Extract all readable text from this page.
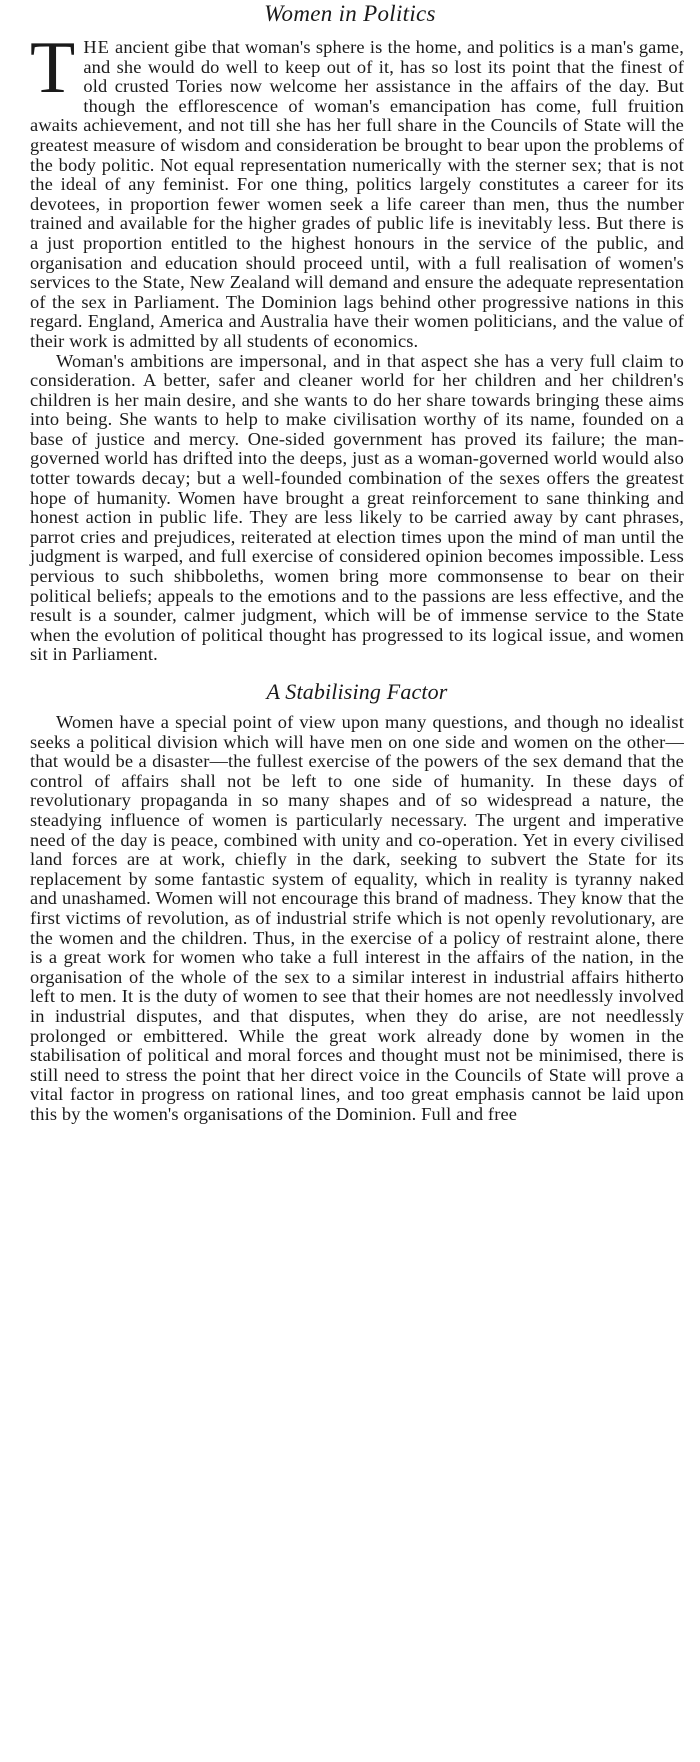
Women in Politics

THE ancient gibe that woman's sphere is the home, and politics is a man's game, and she would do well to keep out of it, has so lost its point that the finest of old crusted Tories now welcome her assistance in the affairs of the day. But though the efflorescence of woman's emancipation has come, full fruition awaits achievement, and not till she has her full share in the Councils of State will the greatest measure of wisdom and consideration be brought to bear upon the problems of the body politic. Not equal representation numerically with the sterner sex; that is not the ideal of any feminist. For one thing, politics largely constitutes a career for its devotees, in proportion fewer women seek a life career than men, thus the number trained and available for the higher grades of public life is inevitably less. But there is a just proportion entitled to the highest honours in the service of the public, and organisation and education should proceed until, with a full realisation of women's services to the State, New Zealand will demand and ensure the adequate representation of the sex in Parliament. The Dominion lags behind other progressive nations in this regard. England, America and Australia have their women politicians, and the value of their work is admitted by all students of economics.

Woman's ambitions are impersonal, and in that aspect she has a very full claim to consideration. A better, safer and cleaner world for her children and her children's children is her main desire, and she wants to do her share towards bringing these aims into being. She wants to help to make civilisation worthy of its name, founded on a base of justice and mercy. One-sided government has proved its failure; the man-governed world has drifted into the deeps, just as a woman-governed world would also totter towards decay; but a well-founded combination of the sexes offers the greatest hope of humanity. Women have brought a great reinforcement to sane thinking and honest action in public life. They are less likely to be carried away by cant phrases, parrot cries and prejudices, reiterated at election times upon the mind of man until the judgment is warped, and full exercise of considered opinion becomes impossible. Less pervious to such shibboleths, women bring more commonsense to bear on their political beliefs; appeals to the emotions and to the passions are less effective, and the result is a sounder, calmer judgment, which will be of immense service to the State when the evolution of political thought has progressed to its logical issue, and women sit in Parliament.

A Stabilising Factor

Women have a special point of view upon many questions, and though no idealist seeks a political division which will have men on one side and women on the other—that would be a disaster—the fullest exercise of the powers of the sex demand that the control of affairs shall not be left to one side of humanity. In these days of revolutionary propaganda in so many shapes and of so widespread a nature, the steadying influence of women is particularly necessary. The urgent and imperative need of the day is peace, combined with unity and co-operation. Yet in every civilised land forces are at work, chiefly in the dark, seeking to subvert the State for its replacement by some fantastic system of equality, which in reality is tyranny naked and unashamed. Women will not encourage this brand of madness. They know that the first victims of revolution, as of industrial strife which is not openly revolutionary, are the women and the children. Thus, in the exercise of a policy of restraint alone, there is a great work for women who take a full interest in the affairs of the nation, in the organisation of the whole of the sex to a similar interest in industrial affairs hitherto left to men. It is the duty of women to see that their homes are not needlessly involved in industrial disputes, and that disputes, when they do arise, are not needlessly prolonged or embittered. While the great work already done by women in the stabilisation of political and moral forces and thought must not be minimised, there is still need to stress the point that her direct voice in the Councils of State will prove a vital factor in progress on rational lines, and too great emphasis cannot be laid upon this by the women's organisations of the Dominion. Full and free
